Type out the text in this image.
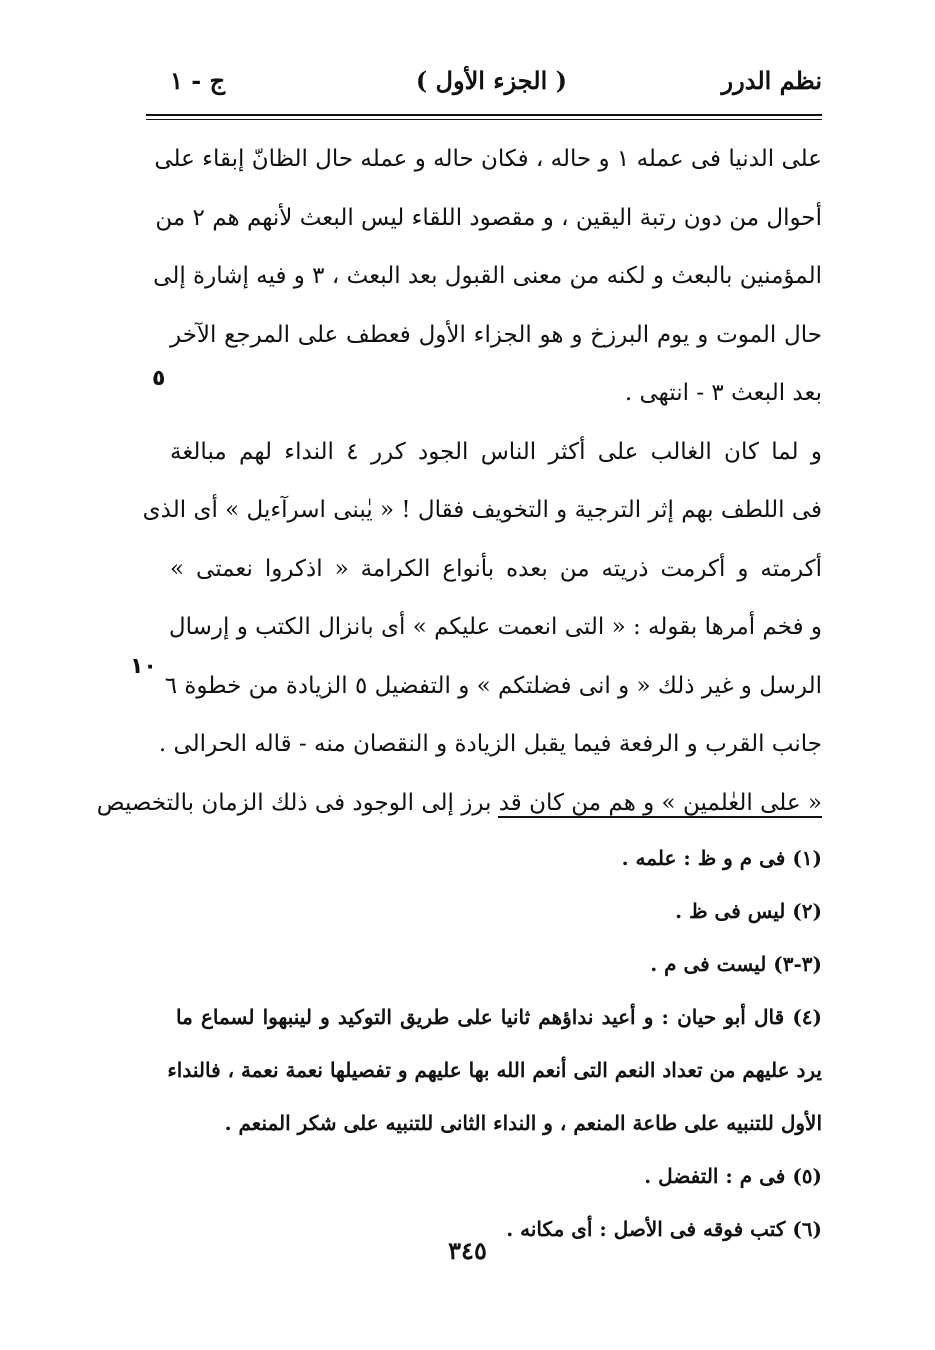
نظم الدرر
( الجزء الأول )
ج - ١
على الدنيا فى عمله ١ و حاله ، فكان حاله و عمله حال الظانّ إبقاء على
أحوال من دون رتبة اليقين ، و مقصود اللقاء ليس البعث لأنهم هم ٢ من
المؤمنين بالبعث و لكنه من معنى القبول بعد البعث ، ٣ و فيه إشارة إلى
حال الموت و يوم البرزخ و هو الجزاء الأول فعطف على المرجع الآخر
بعد البعث ٣ - انتهى .
و لما كان الغالب على أكثر الناس الجود كرر ٤ النداء لهم مبالغة
فى اللطف بهم إثر الترجية و التخويف فقال ! « يٰبنى اسرآءيل » أى الذى
أكرمته و أكرمت ذريته من بعده بأنواع الكرامة « اذكروا نعمتى »
و فخم أمرها بقوله : « التى انعمت عليكم » أى بانزال الكتب و إرسال
الرسل و غير ذلك « و انى فضلتكم » و التفضيل ٥ الزيادة من خطوة ٦
جانب القرب و الرفعة فيما يقبل الزيادة و النقصان منه - قاله الحرالى .
« على العٰلمين » و هم من كان قد برز إلى الوجود فى ذلك الزمان بالتخصيص
٥
١٠
(١) فى م و ظ : علمه .
(٢) ليس فى ظ .
(٣-٣) ليست فى م .
(٤) قال أبو حيان : و أعيد نداؤهم ثانيا على طريق التوكيد و لينبهوا لسماع ما
يرد عليهم من تعداد النعم التى أنعم الله بها عليهم و تفصيلها نعمة نعمة ، فالنداء
الأول للتنبيه على طاعة المنعم ، و النداء الثانى للتنبيه على شكر المنعم .
(٥) فى م : التفضل .
(٦) كتب فوقه فى الأصل : أى مكانه .
٣٤٥
